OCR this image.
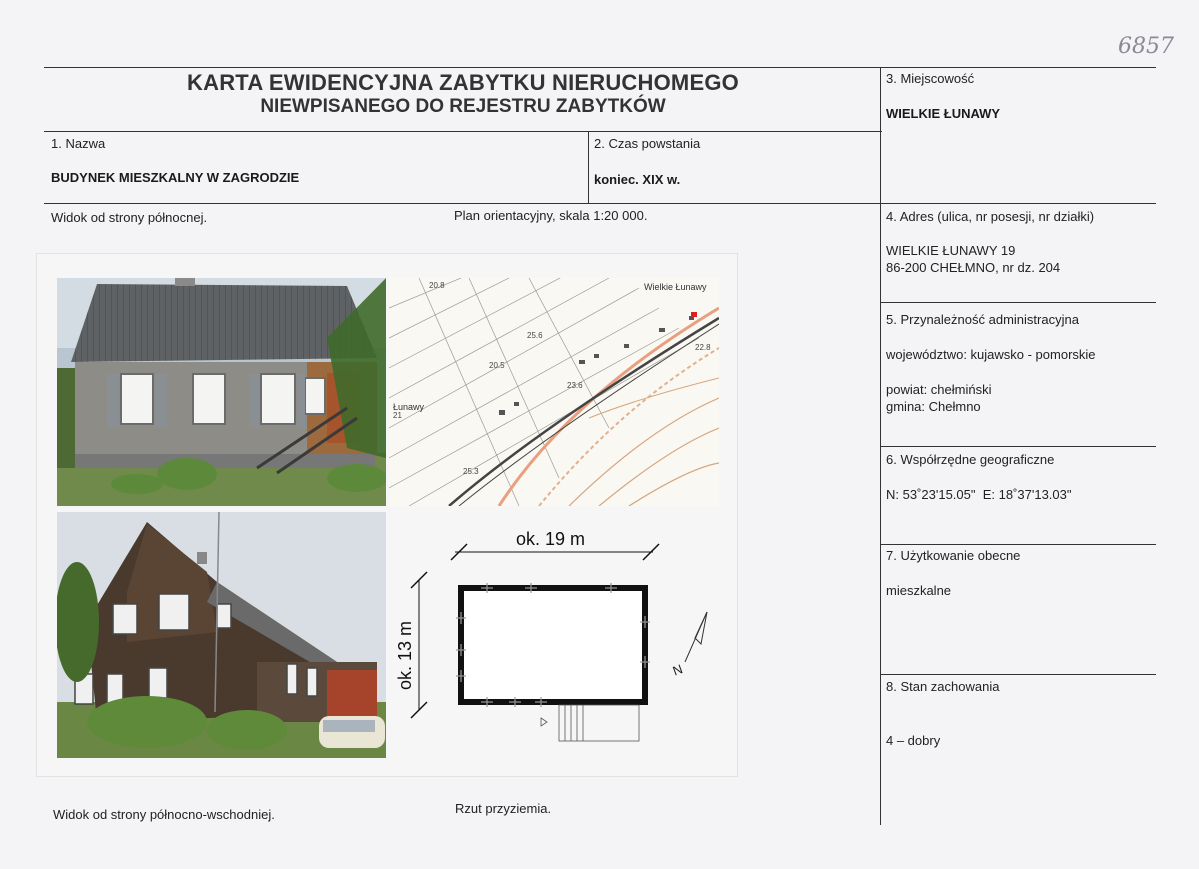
6857
KARTA EWIDENCYJNA ZABYTKU NIERUCHOMEGO
NIEWPISANEGO DO REJESTRU ZABYTKÓW
1. Nazwa
BUDYNEK MIESZKALNY W ZAGRODZIE
2. Czas powstania
koniec. XIX w.
3. Miejscowość
WIELKIE ŁUNAWY
4. Adres (ulica, nr posesji, nr działki)
WIELKIE ŁUNAWY 19
86-200 CHEŁMNO, nr dz. 204
5. Przynależność administracyjna
województwo: kujawsko - pomorskie
powiat: chełmiński
gmina: Chełmno
6. Współrzędne geograficzne
N: 53˚23'15.05"  E: 18˚37'13.03"
7. Użytkowanie obecne
mieszkalne
8. Stan zachowania
4 – dobry
Widok od strony północnej.	Plan orientacyjny, skala 1:20 000.
Widok od strony północno-wschodniej.	Rzut przyziemia.
20.8
25.6
20.5
23.6
22.8
21
25.3
Wielkie Łunawy
Łunawy
ok. 19 m
ok. 13 m	N
